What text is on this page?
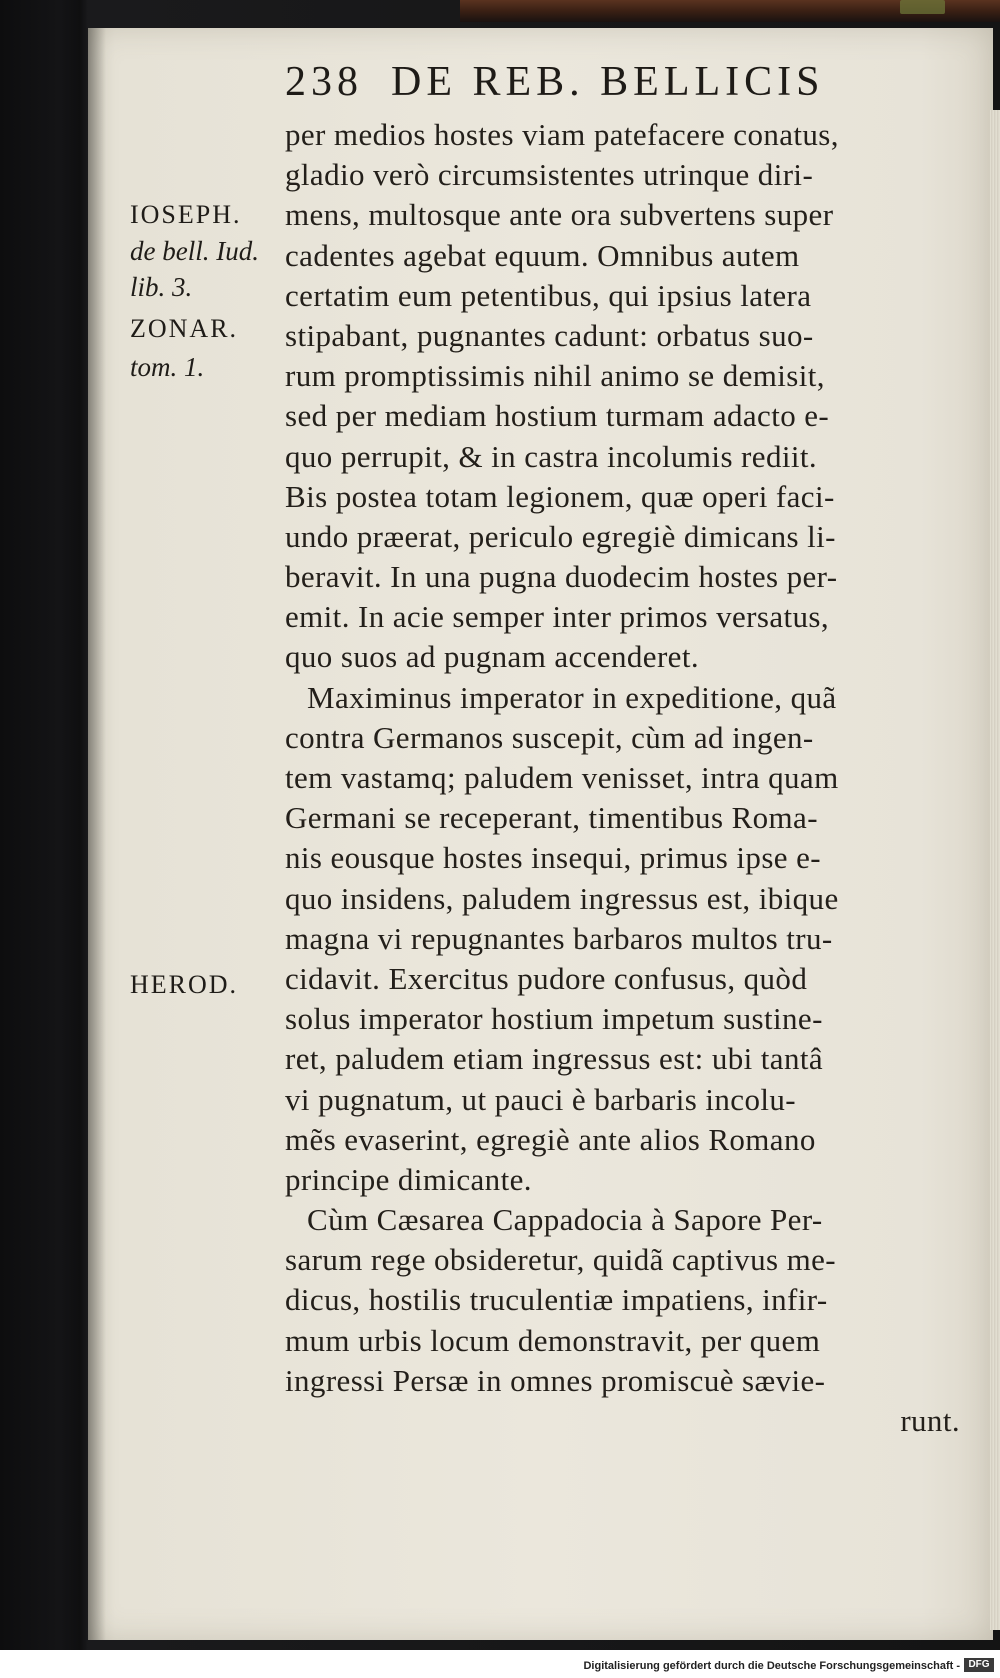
238 DE REB. BELLICIS
IOSEPH.
de bell. Iud.
lib. 3.
ZONAR.
tom. 1.
HEROD.
per medios hostes viam patefacere conatus,
gladio verò circumsistentes utrinque diri-
mens, multosque ante ora subvertens super
cadentes agebat equum. Omnibus autem
certatim eum petentibus, qui ipsius latera
stipabant, pugnantes cadunt: orbatus suo-
rum promptissimis nihil animo se demisit,
sed per mediam hostium turmam adacto e-
quo perrupit, & in castra incolumis rediit.
Bis postea totam legionem, quæ operi faci-
undo præerat, periculo egregiè dimicans li-
beravit. In una pugna duodecim hostes per-
emit. In acie semper inter primos versatus,
quo suos ad pugnam accenderet.
Maximinus imperator in expeditione, quã
contra Germanos suscepit, cùm ad ingen-
tem vastamq; paludem venisset, intra quam
Germani se receperant, timentibus Roma-
nis eousque hostes insequi, primus ipse e-
quo insidens, paludem ingressus est, ibique
magna vi repugnantes barbaros multos tru-
cidavit. Exercitus pudore confusus, quòd
solus imperator hostium impetum sustine-
ret, paludem etiam ingressus est: ubi tantâ
vi pugnatum, ut pauci è barbaris incolu-
mẽs evaserint, egregiè ante alios Romano
principe dimicante.
Cùm Cæsarea Cappadocia à Sapore Per-
sarum rege obsideretur, quidã captivus me-
dicus, hostilis truculentiæ impatiens, infir-
mum urbis locum demonstravit, per quem
ingressi Persæ in omnes promiscuè sævie-
runt.
Digitalisierung gefördert durch die Deutsche Forschungsgemeinschaft - DFG
